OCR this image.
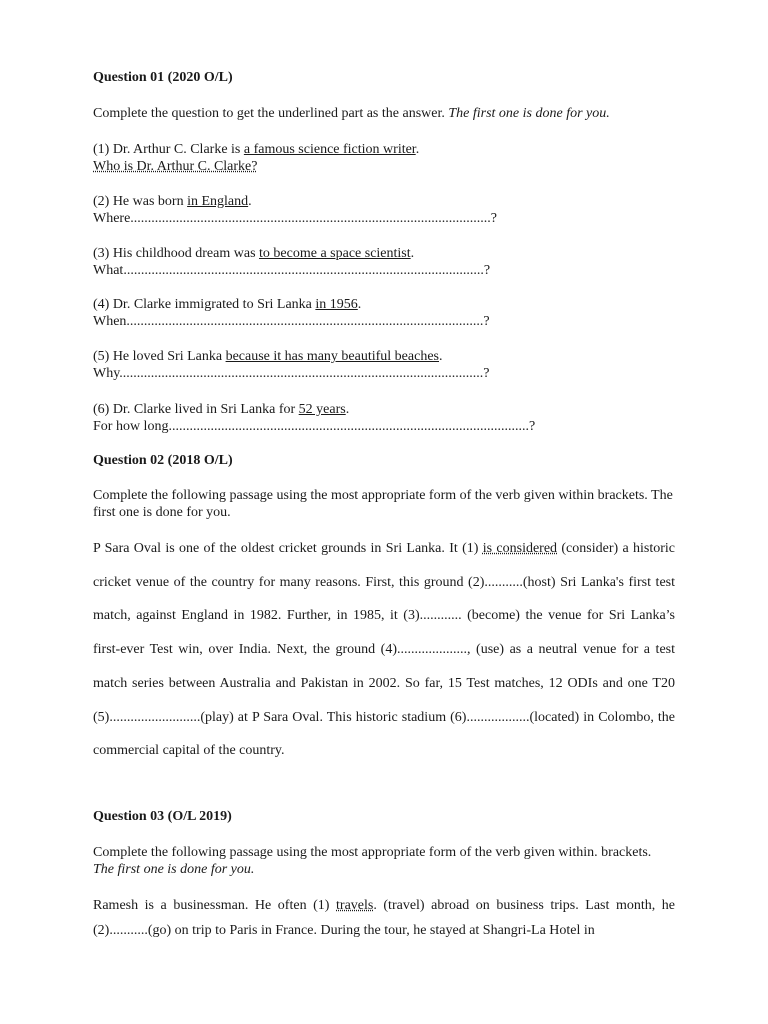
Question 01 (2020 O/L)
Complete the question to get the underlined part as the answer. The first one is done for you.
(1) Dr. Arthur C. Clarke is a famous science fiction writer.
Who is Dr. Arthur C. Clarke?
(2) He was born in England.
Where.......................................................................................................?
(3) His childhood dream was to become a space scientist.
What.......................................................................................................?
(4) Dr. Clarke immigrated to Sri Lanka in 1956.
When......................................................................................................?
(5) He loved Sri Lanka because it has many beautiful beaches.
Why........................................................................................................?
(6) Dr. Clarke lived in Sri Lanka for 52 years.
For how long.......................................................................................................?
Question 02 (2018 O/L)
Complete the following passage using the most appropriate form of the verb given within brackets. The first one is done for you.
P Sara Oval is one of the oldest cricket grounds in Sri Lanka. It (1) is considered (consider) a historic cricket venue of the country for many reasons. First, this ground (2)...........(host) Sri Lanka's first test match, against England in 1982. Further, in 1985, it (3)............ (become) the venue for Sri Lanka’s first-ever Test win, over India. Next, the ground (4)...................., (use) as a neutral venue for a test match series between Australia and Pakistan in 2002. So far, 15 Test matches, 12 ODIs and one T20 (5)..........................(play) at P Sara Oval. This historic stadium (6)..................(located) in Colombo, the commercial capital of the country.
Question 03 (O/L 2019)
Complete the following passage using the most appropriate form of the verb given within. brackets. The first one is done for you.
Ramesh is a businessman. He often (1) travels. (travel) abroad on business trips. Last month, he (2)...........(go) on trip to Paris in France. During the tour, he stayed at Shangri-La Hotel in
